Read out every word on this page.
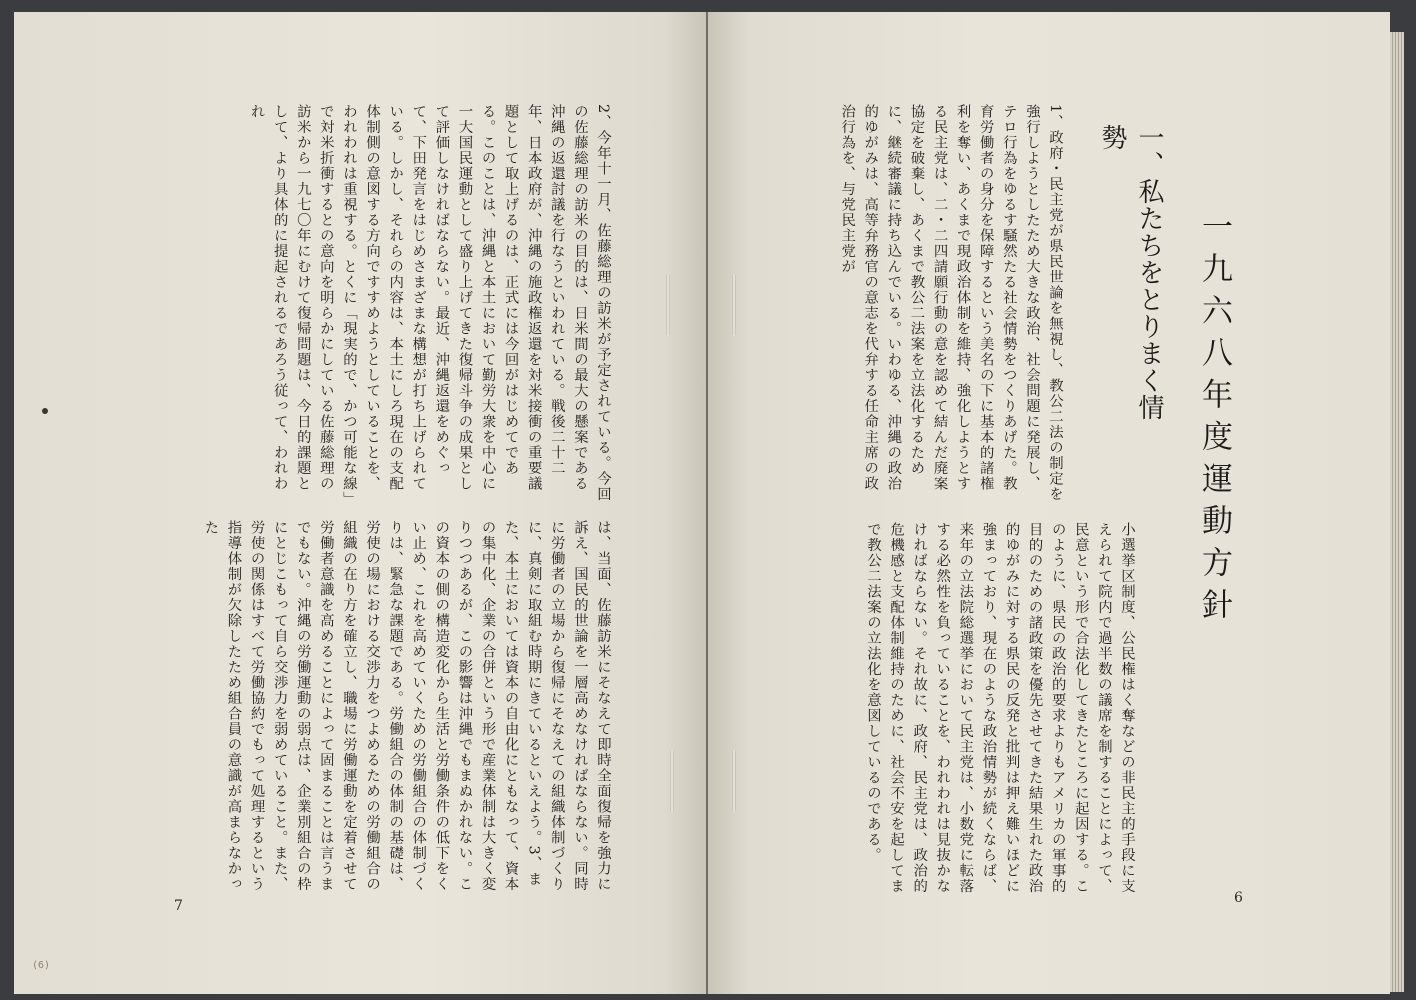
2、今年十一月、佐藤総理の訪米が予定されている。今回の佐藤総理の訪米の目的は、日米間の最大の懸案である沖縄の返還討議を行なうといわれている。戦後二十二年、日本政府が、沖縄の施政権返還を対米接衝の重要議題として取上げるのは、正式には今回がはじめてである。このことは、沖縄と本土において勤労大衆を中心に一大国民運動として盛り上げてきた復帰斗争の成果として評価しなければならない。最近、沖縄返還をめぐって、下田発言をはじめさまざまな構想が打ち上げられている。しかし、それらの内容は、本土にしろ現在の支配体制側の意図する方向ですすめようとしていることを、われわれは重視する。とくに「現実的で、かつ可能な線」で対米折衝するとの意向を明らかにしている佐藤総理の訪米から一九七〇年にむけて復帰問題は、今日的課題として、より具体的に提起されるであろう従って、われわれ
は、当面、佐藤訪米にそなえて即時全面復帰を強力に訴え、国民的世論を一層高めなければならない。同時に労働者の立場から復帰にそなえての組織体制づくりに、真剣に取組む時期にきているといえよう。3、また、本土においては資本の自由化にともなって、資本の集中化、企業の合併という形で産業体制は大きく変りつつあるが、この影響は沖縄でもまぬかれない。この資本の側の構造変化から生活と労働条件の低下をくい止め、これを高めていくための労働組合の体制づくりは、緊急な課題である。労働組合の体制の基礎は、労使の場における交渉力をつよめるための労働組合の組織の在り方を確立し、職場に労働運動を定着させて労働者意識を高めることによって固まることは言うまでもない。沖縄の労働運動の弱点は、企業別組合の枠にとじこもって自ら交渉力を弱めていること。また、労使の関係はすべて労働協約でもって処理するという指導体制が欠除したため組合員の意識が高まらなかった
7
(6)
一九六八年度運動方針
一、私たちをとりまく情勢
1、政府・民主党が県民世論を無視し、教公二法の制定を強行しようとしたため大きな政治、社会問題に発展し、テロ行為をゆるす騒然たる社会情勢をつくりあげた。教育労働者の身分を保障するという美名の下に基本的諸権利を奪い、あくまで現政治体制を維持、強化しようとする民主党は、二・二四請願行動の意を認めて結んだ廃案協定を破棄し、あくまで教公二法案を立法化するために、継続審議に持ち込んでいる。いわゆる、沖縄の政治的ゆがみは、高等弁務官の意志を代弁する任命主席の政治行為を、与党民主党が
小選挙区制度、公民権はく奪などの非民主的手段に支えられて院内で過半数の議席を制することによって、民意という形で合法化してきたところに起因する。このように、県民の政治的要求よりもアメリカの軍事的目的のための諸政策を優先させてきた結果生れた政治的ゆがみに対する県民の反発と批判は押え難いほどに強まっており、現在のような政治情勢が続くならば、来年の立法院総選挙において民主党は、小数党に転落する必然性を負っていることを、われわれは見抜かなければならない。それ故に、政府、民主党は、政治的危機感と支配体制維持のために、社会不安を起してまで教公二法案の立法化を意図しているのである。
6
